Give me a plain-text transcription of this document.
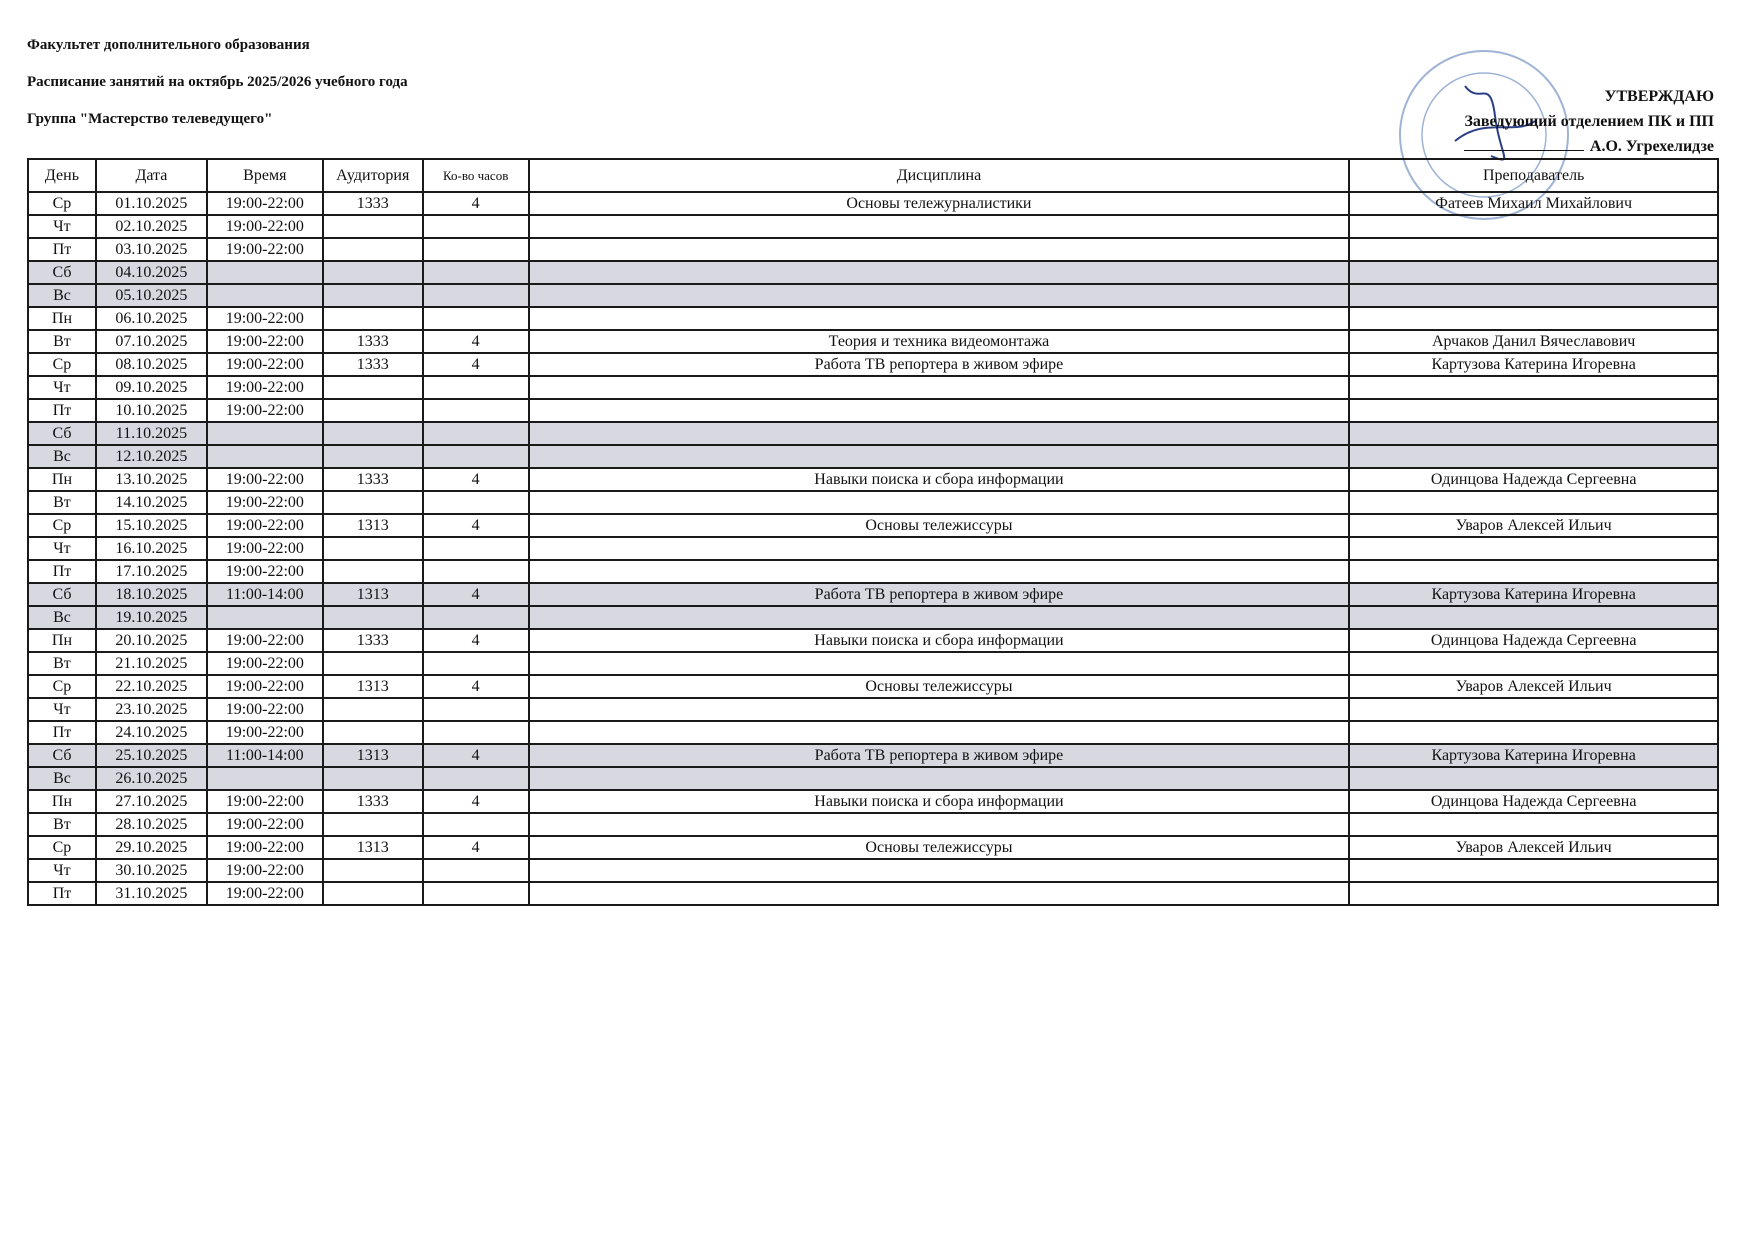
Факультет дополнительного образования
Расписание занятий на октябрь 2025/2026 учебного года
Группа "Мастерство телеведущего"
УТВЕРЖДАЮ
Заведующий отделением ПК и ПП
А.О. Угрехелидзе
День	Дата	Время	Аудитория	Ко-во часов	Дисциплина	Преподаватель
Ср	01.10.2025	19:00-22:00	1333	4	Основы тележурналистики	Фатеев Михаил Михайлович
Чт	02.10.2025	19:00-22:00				
Пт	03.10.2025	19:00-22:00				
Сб	04.10.2025					
Вс	05.10.2025					
Пн	06.10.2025	19:00-22:00				
Вт	07.10.2025	19:00-22:00	1333	4	Теория и техника видеомонтажа	Арчаков Данил Вячеславович
Ср	08.10.2025	19:00-22:00	1333	4	Работа ТВ репортера в живом эфире	Картузова Катерина Игоревна
Чт	09.10.2025	19:00-22:00				
Пт	10.10.2025	19:00-22:00				
Сб	11.10.2025					
Вс	12.10.2025					
Пн	13.10.2025	19:00-22:00	1333	4	Навыки поиска и сбора информации	Одинцова Надежда Сергеевна
Вт	14.10.2025	19:00-22:00				
Ср	15.10.2025	19:00-22:00	1313	4	Основы тележиссуры	Уваров Алексей Ильич
Чт	16.10.2025	19:00-22:00				
Пт	17.10.2025	19:00-22:00				
Сб	18.10.2025	11:00-14:00	1313	4	Работа ТВ репортера в живом эфире	Картузова Катерина Игоревна
Вс	19.10.2025					
Пн	20.10.2025	19:00-22:00	1333	4	Навыки поиска и сбора информации	Одинцова Надежда Сергеевна
Вт	21.10.2025	19:00-22:00				
Ср	22.10.2025	19:00-22:00	1313	4	Основы тележиссуры	Уваров Алексей Ильич
Чт	23.10.2025	19:00-22:00				
Пт	24.10.2025	19:00-22:00				
Сб	25.10.2025	11:00-14:00	1313	4	Работа ТВ репортера в живом эфире	Картузова Катерина Игоревна
Вс	26.10.2025					
Пн	27.10.2025	19:00-22:00	1333	4	Навыки поиска и сбора информации	Одинцова Надежда Сергеевна
Вт	28.10.2025	19:00-22:00				
Ср	29.10.2025	19:00-22:00	1313	4	Основы тележиссуры	Уваров Алексей Ильич
Чт	30.10.2025	19:00-22:00				
Пт	31.10.2025	19:00-22:00				
